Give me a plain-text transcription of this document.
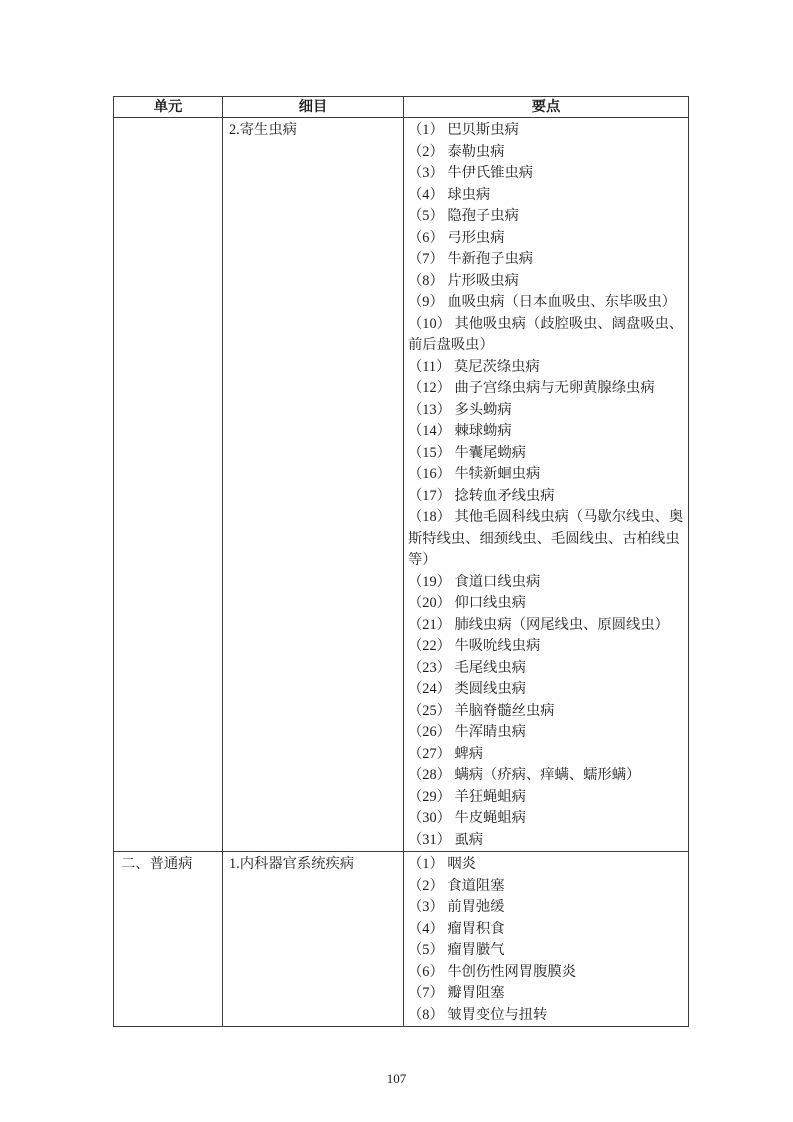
单元	细目	要点
	2.寄生虫病	（1） 巴贝斯虫病
（2） 泰勒虫病
（3） 牛伊氏锥虫病
（4） 球虫病
（5） 隐孢子虫病
（6） 弓形虫病
（7） 牛新孢子虫病
（8） 片形吸虫病
（9） 血吸虫病（日本血吸虫、东毕吸虫）
（10） 其他吸虫病（歧腔吸虫、阔盘吸虫、前后盘吸虫）
（11） 莫尼茨绦虫病
（12） 曲子宫绦虫病与无卵黄腺绦虫病
（13） 多头蚴病
（14） 棘球蚴病
（15） 牛囊尾蚴病
（16） 牛犊新蛔虫病
（17） 捻转血矛线虫病
（18） 其他毛圆科线虫病（马歇尔线虫、奥斯特线虫、细颈线虫、毛圆线虫、古柏线虫等）
（19） 食道口线虫病
（20） 仰口线虫病
（21） 肺线虫病（网尾线虫、原圆线虫）
（22） 牛吸吮线虫病
（23） 毛尾线虫病
（24） 类圆线虫病
（25） 羊脑脊髓丝虫病
（26） 牛浑睛虫病
（27） 蜱病
（28） 螨病（疥病、痒螨、蠕形螨）
（29） 羊狂蝇蛆病
（30） 牛皮蝇蛆病
（31） 虱病

二、普通病	1.内科器官系统疾病	（1） 咽炎
（2） 食道阻塞
（3） 前胃弛缓
（4） 瘤胃积食
（5） 瘤胃臌气
（6） 牛创伤性网胃腹膜炎
（7） 瓣胃阻塞
（8） 皱胃变位与扭转
107
